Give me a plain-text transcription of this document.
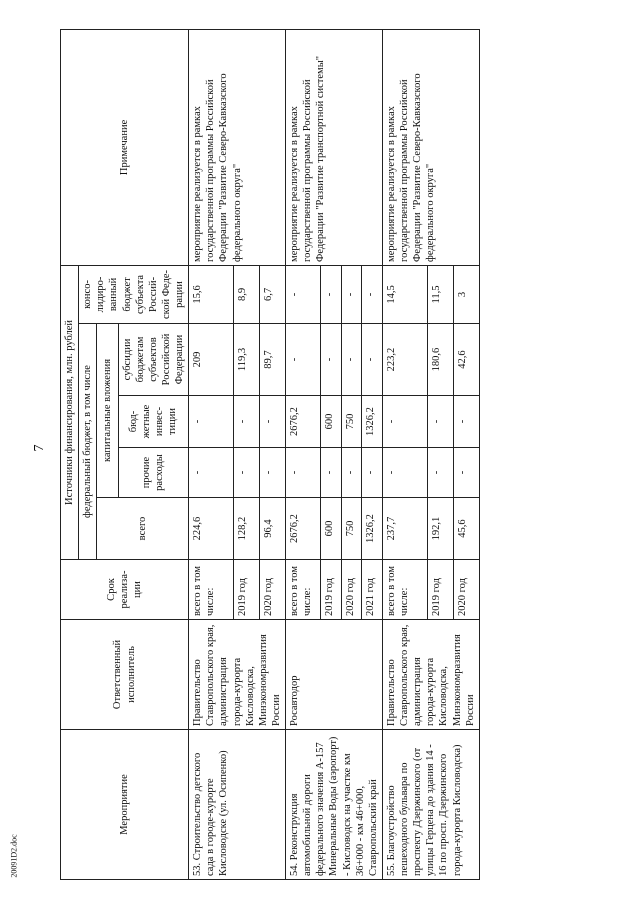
7
20091D2.doc
Мероприятие	Ответственный исполнитель	Срок реализа-ции	Источники финансирования, млн. рублей					Примечание
			федеральный бюджет, в том числе				консо-лидиро-ванный бюджет субъекта Россий-ской Феде-рации	
			всего	капитальные вложения				
				прочие расходы	бюд-жетные инвес-тиции	субсидии бюджетам субъектов Российской Федерации		
53. Строительство детского сада в городе-курорте Кисловодске (ул. Осипенко)	Правительство Ставропольского края, администрация города-курорта Кисловодска, Минэкономразвития России	всего в том числе:	224,6	-	-	209	15,6	мероприятие реализуется в рамках государственной программы Российской Федерации "Развитие Северо-Кавказского федерального округа"
		2019 год	128,2	-	-	119,3	8,9	
		2020 год	96,4	-	-	89,7	6,7	
54. Реконструкция автомобильной дороги федерального значения А-157 Минеральные Воды (аэропорт) - Кисловодск на участке км 36+000 - км 46+000, Ставропольский край	Росавтодор	всего в том числе:	2676,2	-	2676,2	-	-	мероприятие реализуется в рамках государственной программы Российской Федерации "Развитие транспортной системы"
		2019 год	600	-	600	-	-	
		2020 год	750	-	750	-	-	
		2021 год	1326,2	-	1326,2	-	-	
55. Благоустройство пешеходного бульвара по проспекту Дзержинского (от улицы Герцена до здания 14 - 16 по просп. Дзержинского города-курорта Кисловодска)	Правительство Ставропольского края, администрация города-курорта Кисловодска, Минэкономразвития России	всего в том числе:	237,7	-	-	223,2	14,5	мероприятие реализуется в рамках государственной программы Российской Федерации "Развитие Северо-Кавказского федерального округа"
		2019 год	192,1	-	-	180,6	11,5	
		2020 год	45,6	-	-	42,6	3	
